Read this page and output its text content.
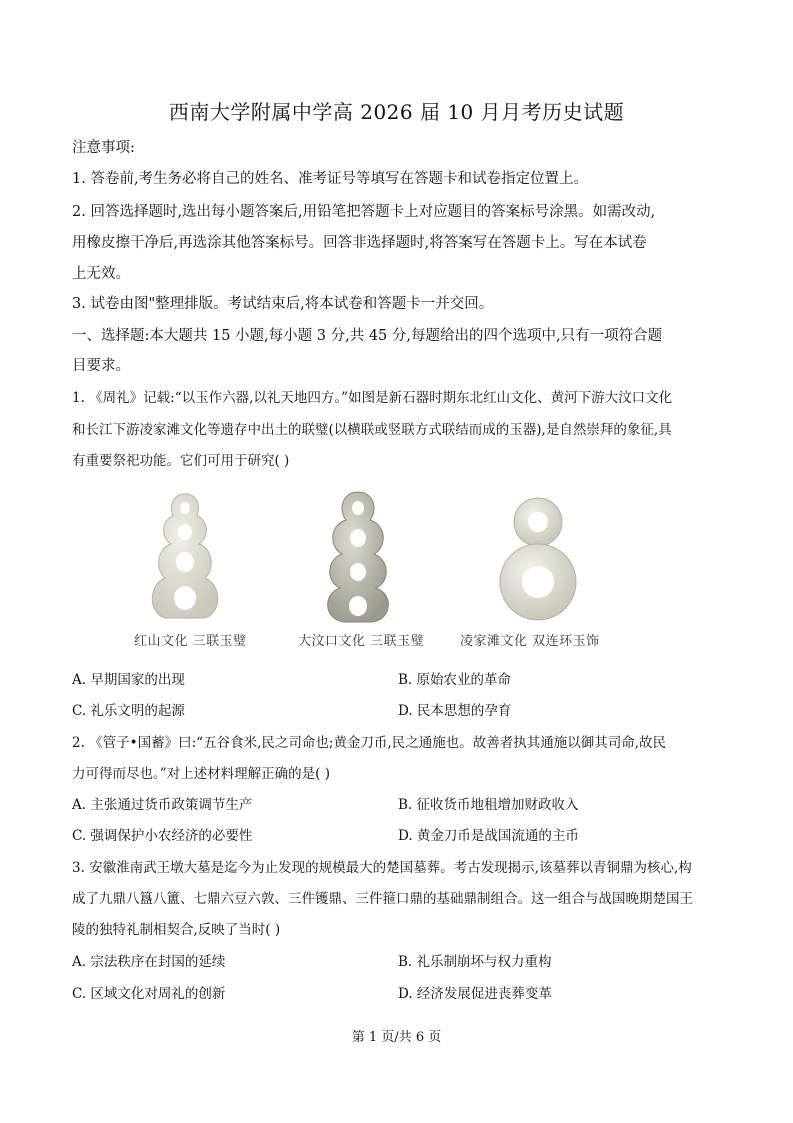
西南大学附属中学高 2026 届 10 月月考历史试题
注意事项:
1. 答卷前,考生务必将自己的姓名、准考证号等填写在答题卡和试卷指定位置上。
2. 回答选择题时,选出每小题答案后,用铅笔把答题卡上对应题目的答案标号涂黑。如需改动,
用橡皮擦干净后,再选涂其他答案标号。回答非选择题时,将答案写在答题卡上。写在本试卷
上无效。
3. 试卷由图"整理排版。考试结束后,将本试卷和答题卡一并交回。
一、选择题:本大题共 15 小题,每小题 3 分,共 45 分,每题给出的四个选项中,只有一项符合题
目要求。
1. 《周礼》记载:“以玉作六器,以礼天地四方。”如图是新石器时期东北红山文化、黄河下游大汶口文化
和长江下游凌家滩文化等遗存中出土的联璧(以横联或竖联方式联结而成的玉器),是自然崇拜的象征,具
有重要祭祀功能。它们可用于研究( )
红山文化 三联玉璧	大汶口文化 三联玉璧	凌家滩文化 双连环玉饰
A. 早期国家的出现	B. 原始农业的革命
C. 礼乐文明的起源	D. 民本思想的孕育
2. 《管子•国蓄》曰:“五谷食米,民之司命也;黄金刀币,民之通施也。故善者执其通施以御其司命,故民
力可得而尽也。”对上述材料理解正确的是( )
A. 主张通过货币政策调节生产	B. 征收货币地租增加财政收入
C. 强调保护小农经济的必要性	D. 黄金刀币是战国流通的主币
3. 安徽淮南武王墩大墓是迄今为止发现的规模最大的楚国墓葬。考古发现揭示,该墓葬以青铜鼎为核心,构
成了九鼎八簋八簠、七鼎六豆六敦、三件镬鼎、三件箍口鼎的基础鼎制组合。这一组合与战国晚期楚国王
陵的独特礼制相契合,反映了当时( )
A. 宗法秩序在封国的延续	B. 礼乐制崩坏与权力重构
C. 区域文化对周礼的创新	D. 经济发展促进丧葬变革
第 1 页/共 6 页
